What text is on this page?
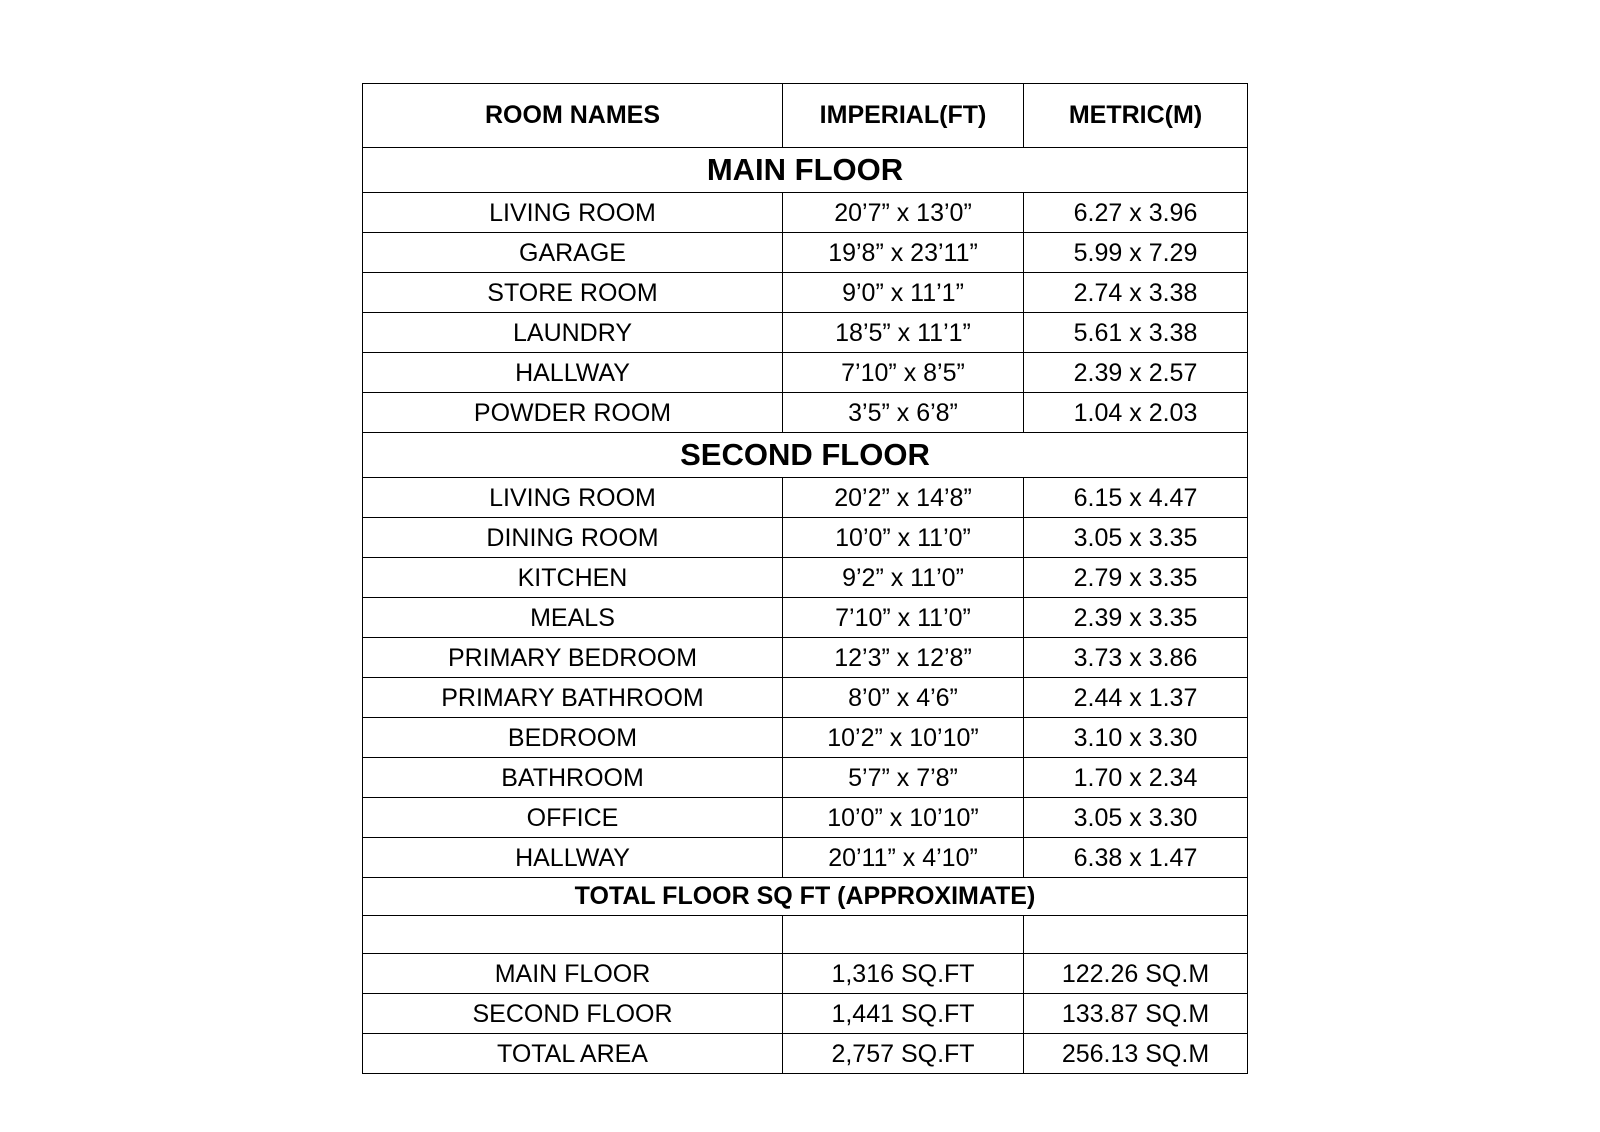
ROOM NAMES	IMPERIAL(FT)	METRIC(M)
MAIN FLOOR		
LIVING ROOM	20’7” x 13’0”	6.27 x 3.96
GARAGE	19’8” x 23’11”	5.99 x 7.29
STORE ROOM	9’0” x 11’1”	2.74 x 3.38
LAUNDRY	18’5” x 11’1”	5.61 x 3.38
HALLWAY	7’10” x 8’5”	2.39 x 2.57
POWDER ROOM	3’5” x 6’8”	1.04 x 2.03
SECOND FLOOR		
LIVING ROOM	20’2” x 14’8”	6.15 x 4.47
DINING ROOM	10’0” x 11’0”	3.05 x 3.35
KITCHEN	9’2” x 11’0”	2.79 x 3.35
MEALS	7’10” x 11’0”	2.39 x 3.35
PRIMARY BEDROOM	12’3” x 12’8”	3.73 x 3.86
PRIMARY BATHROOM	8’0” x 4’6”	2.44 x 1.37
BEDROOM	10’2” x 10’10”	3.10 x 3.30
BATHROOM	5’7” x 7’8”	1.70 x 2.34
OFFICE	10’0” x 10’10”	3.05 x 3.30
HALLWAY	20’11” x 4’10”	6.38 x 1.47
TOTAL FLOOR SQ FT (APPROXIMATE)		

MAIN FLOOR	1,316 SQ.FT	122.26 SQ.M
SECOND FLOOR	1,441 SQ.FT	133.87 SQ.M
TOTAL AREA	2,757 SQ.FT	256.13 SQ.M
